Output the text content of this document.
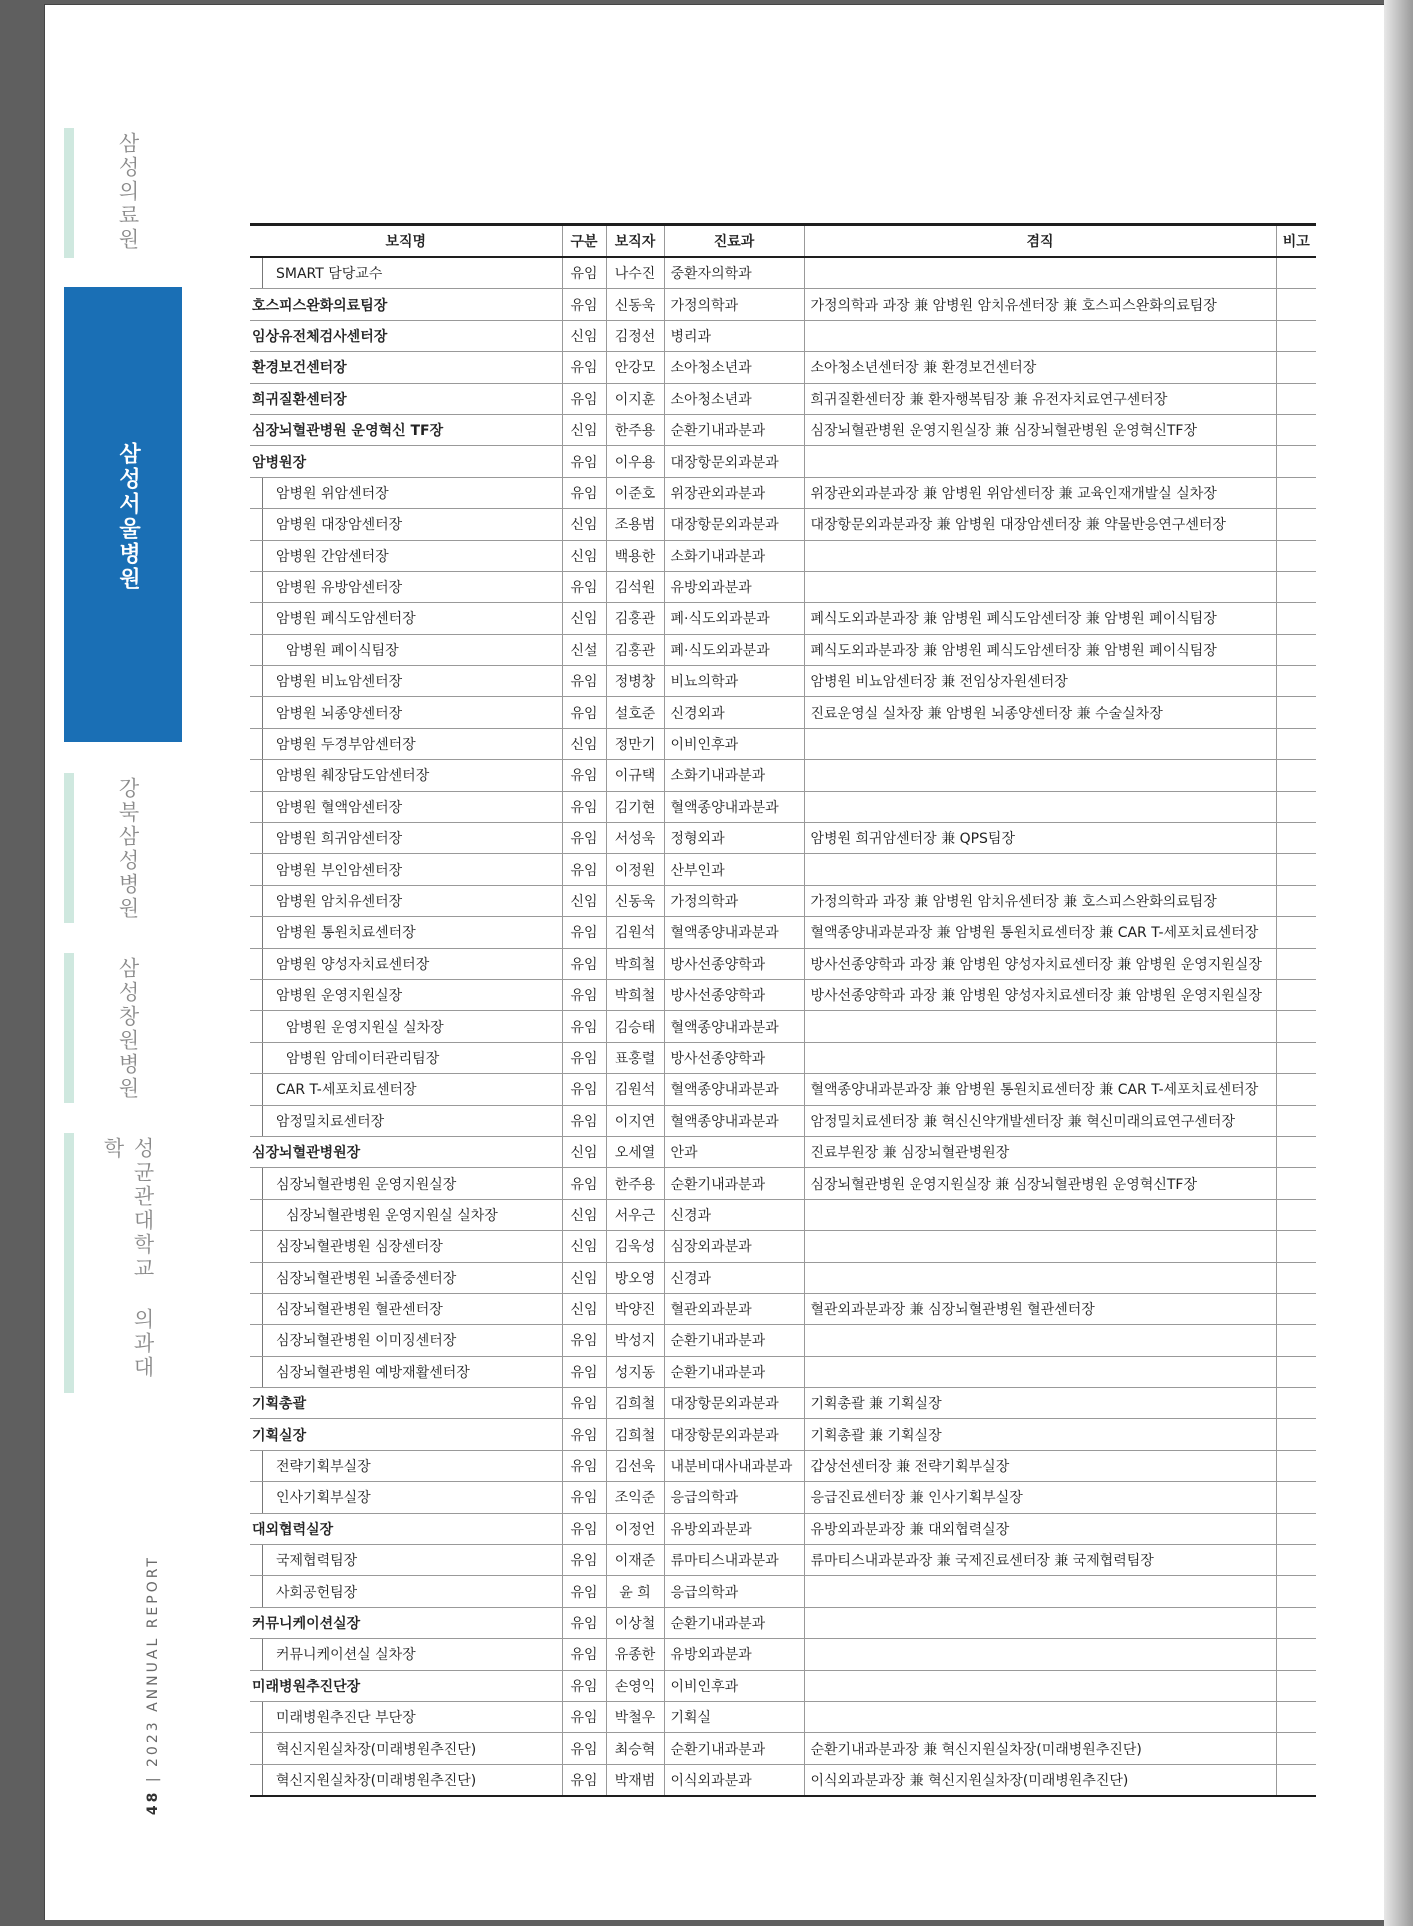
삼성의료원
삼성서울병원
강북삼성병원
삼성창원병원
성균관대학교 의과대학
48 | 2023 ANNUAL REPORT
보직명	구분	보직자	진료과	겸직	비고

SMART 담당교수	유임	나수진	중환자의학과		
호스피스완화의료팀장	유임	신동욱	가정의학과	가정의학과 과장 兼 암병원 암치유센터장 兼 호스피스완화의료팀장	
임상유전체검사센터장	신임	김정선	병리과		
환경보건센터장	유임	안강모	소아청소년과	소아청소년센터장 兼 환경보건센터장	
희귀질환센터장	유임	이지훈	소아청소년과	희귀질환센터장 兼 환자행복팀장 兼 유전자치료연구센터장	
심장뇌혈관병원 운영혁신 TF장	신임	한주용	순환기내과분과	심장뇌혈관병원 운영지원실장 兼 심장뇌혈관병원 운영혁신TF장	
암병원장	유임	이우용	대장항문외과분과		

암병원 위암센터장	유임	이준호	위장관외과분과	위장관외과분과장 兼 암병원 위암센터장 兼 교육인재개발실 실차장	

암병원 대장암센터장	신임	조용범	대장항문외과분과	대장항문외과분과장 兼 암병원 대장암센터장 兼 약물반응연구센터장	

암병원 간암센터장	신임	백용한	소화기내과분과		

암병원 유방암센터장	유임	김석원	유방외과분과		

암병원 폐식도암센터장	신임	김홍관	폐·식도외과분과	폐식도외과분과장 兼 암병원 폐식도암센터장 兼 암병원 폐이식팀장	

암병원 폐이식팀장	신설	김홍관	폐·식도외과분과	폐식도외과분과장 兼 암병원 폐식도암센터장 兼 암병원 폐이식팀장	

암병원 비뇨암센터장	유임	정병창	비뇨의학과	암병원 비뇨암센터장 兼 전임상자원센터장	

암병원 뇌종양센터장	유임	설호준	신경외과	진료운영실 실차장 兼 암병원 뇌종양센터장 兼 수술실차장	

암병원 두경부암센터장	신임	정만기	이비인후과		

암병원 췌장담도암센터장	유임	이규택	소화기내과분과		

암병원 혈액암센터장	유임	김기현	혈액종양내과분과		

암병원 희귀암센터장	유임	서성욱	정형외과	암병원 희귀암센터장 兼 QPS팀장	

암병원 부인암센터장	유임	이정원	산부인과		

암병원 암치유센터장	신임	신동욱	가정의학과	가정의학과 과장 兼 암병원 암치유센터장 兼 호스피스완화의료팀장	

암병원 통원치료센터장	유임	김원석	혈액종양내과분과	혈액종양내과분과장 兼 암병원 통원치료센터장 兼 CAR T-세포치료센터장	

암병원 양성자치료센터장	유임	박희철	방사선종양학과	방사선종양학과 과장 兼 암병원 양성자치료센터장 兼 암병원 운영지원실장	

암병원 운영지원실장	유임	박희철	방사선종양학과	방사선종양학과 과장 兼 암병원 양성자치료센터장 兼 암병원 운영지원실장	

암병원 운영지원실 실차장	유임	김승태	혈액종양내과분과		

암병원 암데이터관리팀장	유임	표홍렬	방사선종양학과		

CAR T-세포치료센터장	유임	김원석	혈액종양내과분과	혈액종양내과분과장 兼 암병원 통원치료센터장 兼 CAR T-세포치료센터장	

암정밀치료센터장	유임	이지연	혈액종양내과분과	암정밀치료센터장 兼 혁신신약개발센터장 兼 혁신미래의료연구센터장	
심장뇌혈관병원장	신임	오세열	안과	진료부원장 兼 심장뇌혈관병원장	

심장뇌혈관병원 운영지원실장	유임	한주용	순환기내과분과	심장뇌혈관병원 운영지원실장 兼 심장뇌혈관병원 운영혁신TF장	

심장뇌혈관병원 운영지원실 실차장	신임	서우근	신경과		

심장뇌혈관병원 심장센터장	신임	김욱성	심장외과분과		

심장뇌혈관병원 뇌졸중센터장	신임	방오영	신경과		

심장뇌혈관병원 혈관센터장	신임	박양진	혈관외과분과	혈관외과분과장 兼 심장뇌혈관병원 혈관센터장	

심장뇌혈관병원 이미징센터장	유임	박성지	순환기내과분과		

심장뇌혈관병원 예방재활센터장	유임	성지동	순환기내과분과		
기획총괄	유임	김희철	대장항문외과분과	기획총괄 兼 기획실장	
기획실장	유임	김희철	대장항문외과분과	기획총괄 兼 기획실장	

전략기획부실장	유임	김선욱	내분비대사내과분과	갑상선센터장 兼 전략기획부실장	

인사기획부실장	유임	조익준	응급의학과	응급진료센터장 兼 인사기획부실장	
대외협력실장	유임	이정언	유방외과분과	유방외과분과장 兼 대외협력실장	

국제협력팀장	유임	이재준	류마티스내과분과	류마티스내과분과장 兼 국제진료센터장 兼 국제협력팀장	

사회공헌팀장	유임	윤 희	응급의학과		
커뮤니케이션실장	유임	이상철	순환기내과분과		

커뮤니케이션실 실차장	유임	유종한	유방외과분과		
미래병원추진단장	유임	손영익	이비인후과		

미래병원추진단 부단장	유임	박철우	기획실		

혁신지원실차장(미래병원추진단)	유임	최승혁	순환기내과분과	순환기내과분과장 兼 혁신지원실차장(미래병원추진단)	

혁신지원실차장(미래병원추진단)	유임	박재범	이식외과분과	이식외과분과장 兼 혁신지원실차장(미래병원추진단)	
